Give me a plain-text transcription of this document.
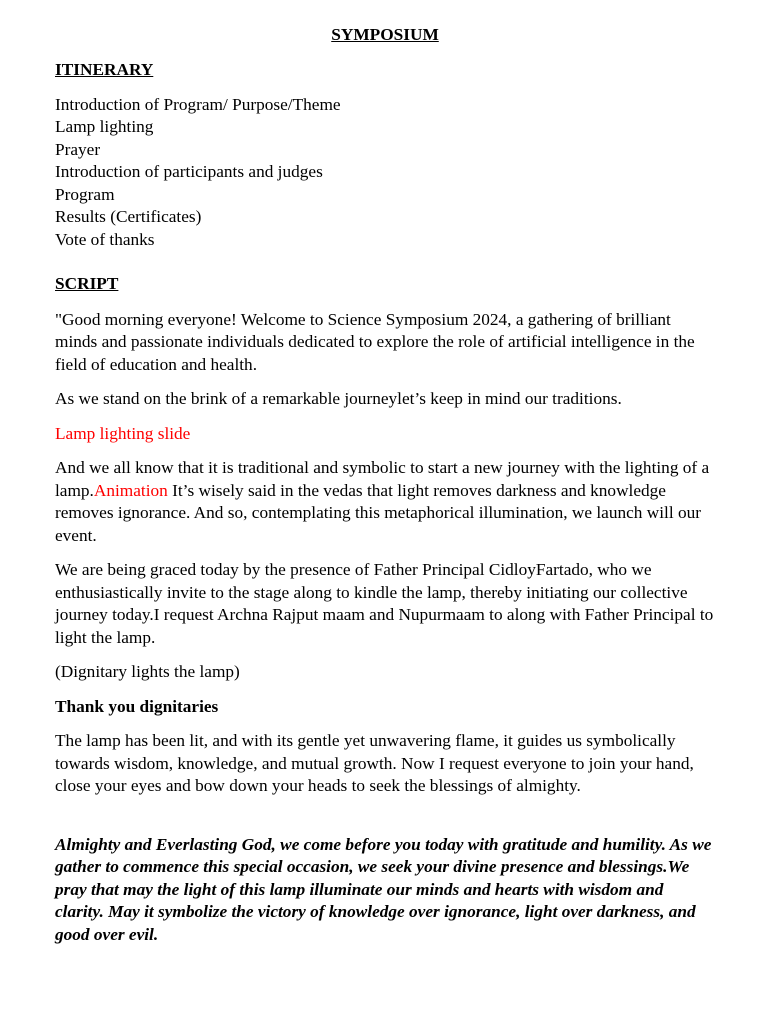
SYMPOSIUM
ITINERARY
Introduction of Program/ Purpose/Theme
Lamp lighting
Prayer
Introduction of participants and judges
Program
Results (Certificates)
Vote of thanks
SCRIPT

"Good morning everyone! Welcome to Science Symposium 2024, a gathering of brilliant minds and passionate individuals dedicated to explore the role of artificial intelligence in the field of education and health.

As we stand on the brink of a remarkable journeylet’s keep in mind our traditions.

Lamp lighting slide

And we all know that it is traditional and symbolic to start a new journey with the lighting of a lamp.Animation It’s wisely said in the vedas that light removes darkness and knowledge removes ignorance. And so, contemplating this metaphorical illumination, we launch will our event.

We are being graced today by the presence of Father Principal CidloyFartado, who we enthusiastically invite to the stage along to kindle the lamp, thereby initiating our collective journey today.I request Archna Rajput maam and Nupurmaam to along with Father Principal to light the lamp.

(Dignitary lights the lamp)

Thank you dignitaries

The lamp has been lit, and with its gentle yet unwavering flame, it guides us symbolically towards wisdom, knowledge, and mutual growth. Now I request everyone to join your hand, close your eyes and bow down your heads to seek the blessings of almighty.

Almighty and Everlasting God, we come before you today with gratitude and humility. As we gather to commence this special occasion, we seek your divine presence and blessings.We pray that may the light of this lamp illuminate our minds and hearts with wisdom and clarity. May it symbolize the victory of knowledge over ignorance, light over darkness, and good over evil.
